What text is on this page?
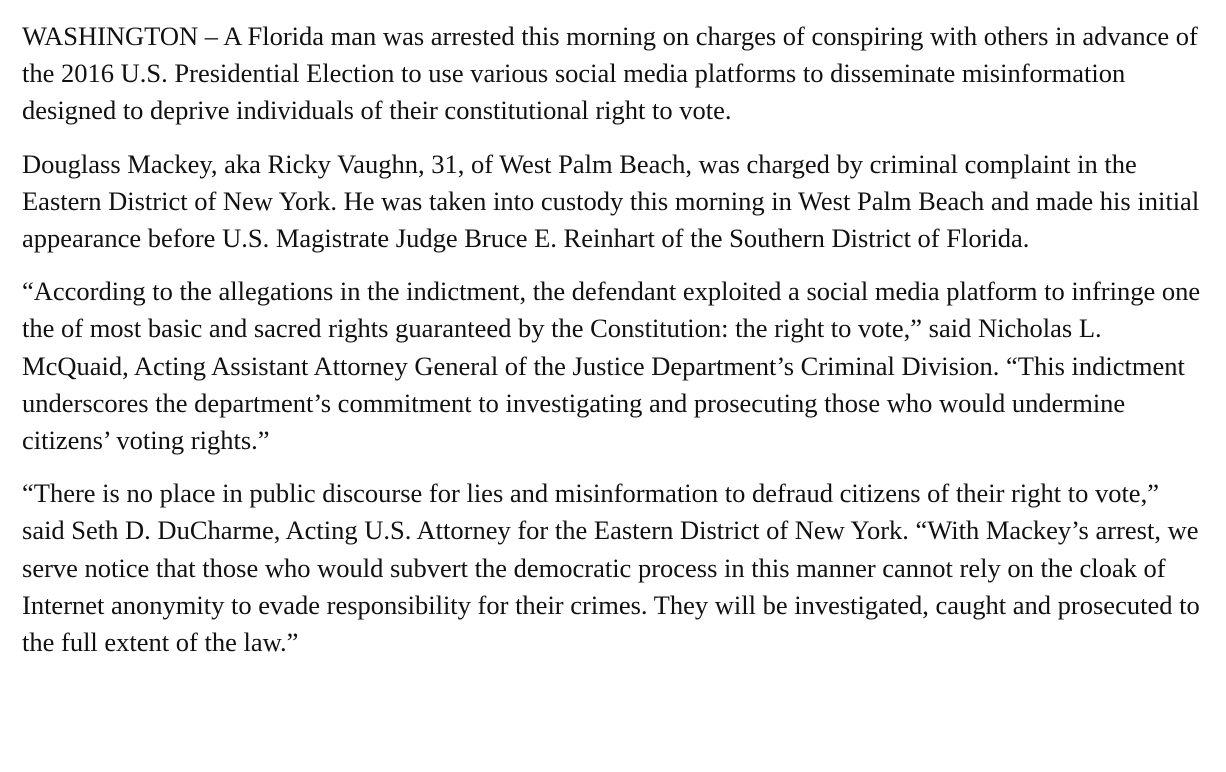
WASHINGTON – A Florida man was arrested this morning on charges of conspiring with others in advance of the 2016 U.S. Presidential Election to use various social media platforms to disseminate misinformation designed to deprive individuals of their constitutional right to vote.

Douglass Mackey, aka Ricky Vaughn, 31, of West Palm Beach, was charged by criminal complaint in the Eastern District of New York. He was taken into custody this morning in West Palm Beach and made his initial appearance before U.S. Magistrate Judge Bruce E. Reinhart of the Southern District of Florida.

“According to the allegations in the indictment, the defendant exploited a social media platform to infringe one the of most basic and sacred rights guaranteed by the Constitution: the right to vote,” said Nicholas L. McQuaid, Acting Assistant Attorney General of the Justice Department’s Criminal Division. “This indictment underscores the department’s commitment to investigating and prosecuting those who would undermine citizens’ voting rights.”

“There is no place in public discourse for lies and misinformation to defraud citizens of their right to vote,” said Seth D. DuCharme, Acting U.S. Attorney for the Eastern District of New York. “With Mackey’s arrest, we serve notice that those who would subvert the democratic process in this manner cannot rely on the cloak of Internet anonymity to evade responsibility for their crimes. They will be investigated, caught and prosecuted to the full extent of the law.”
